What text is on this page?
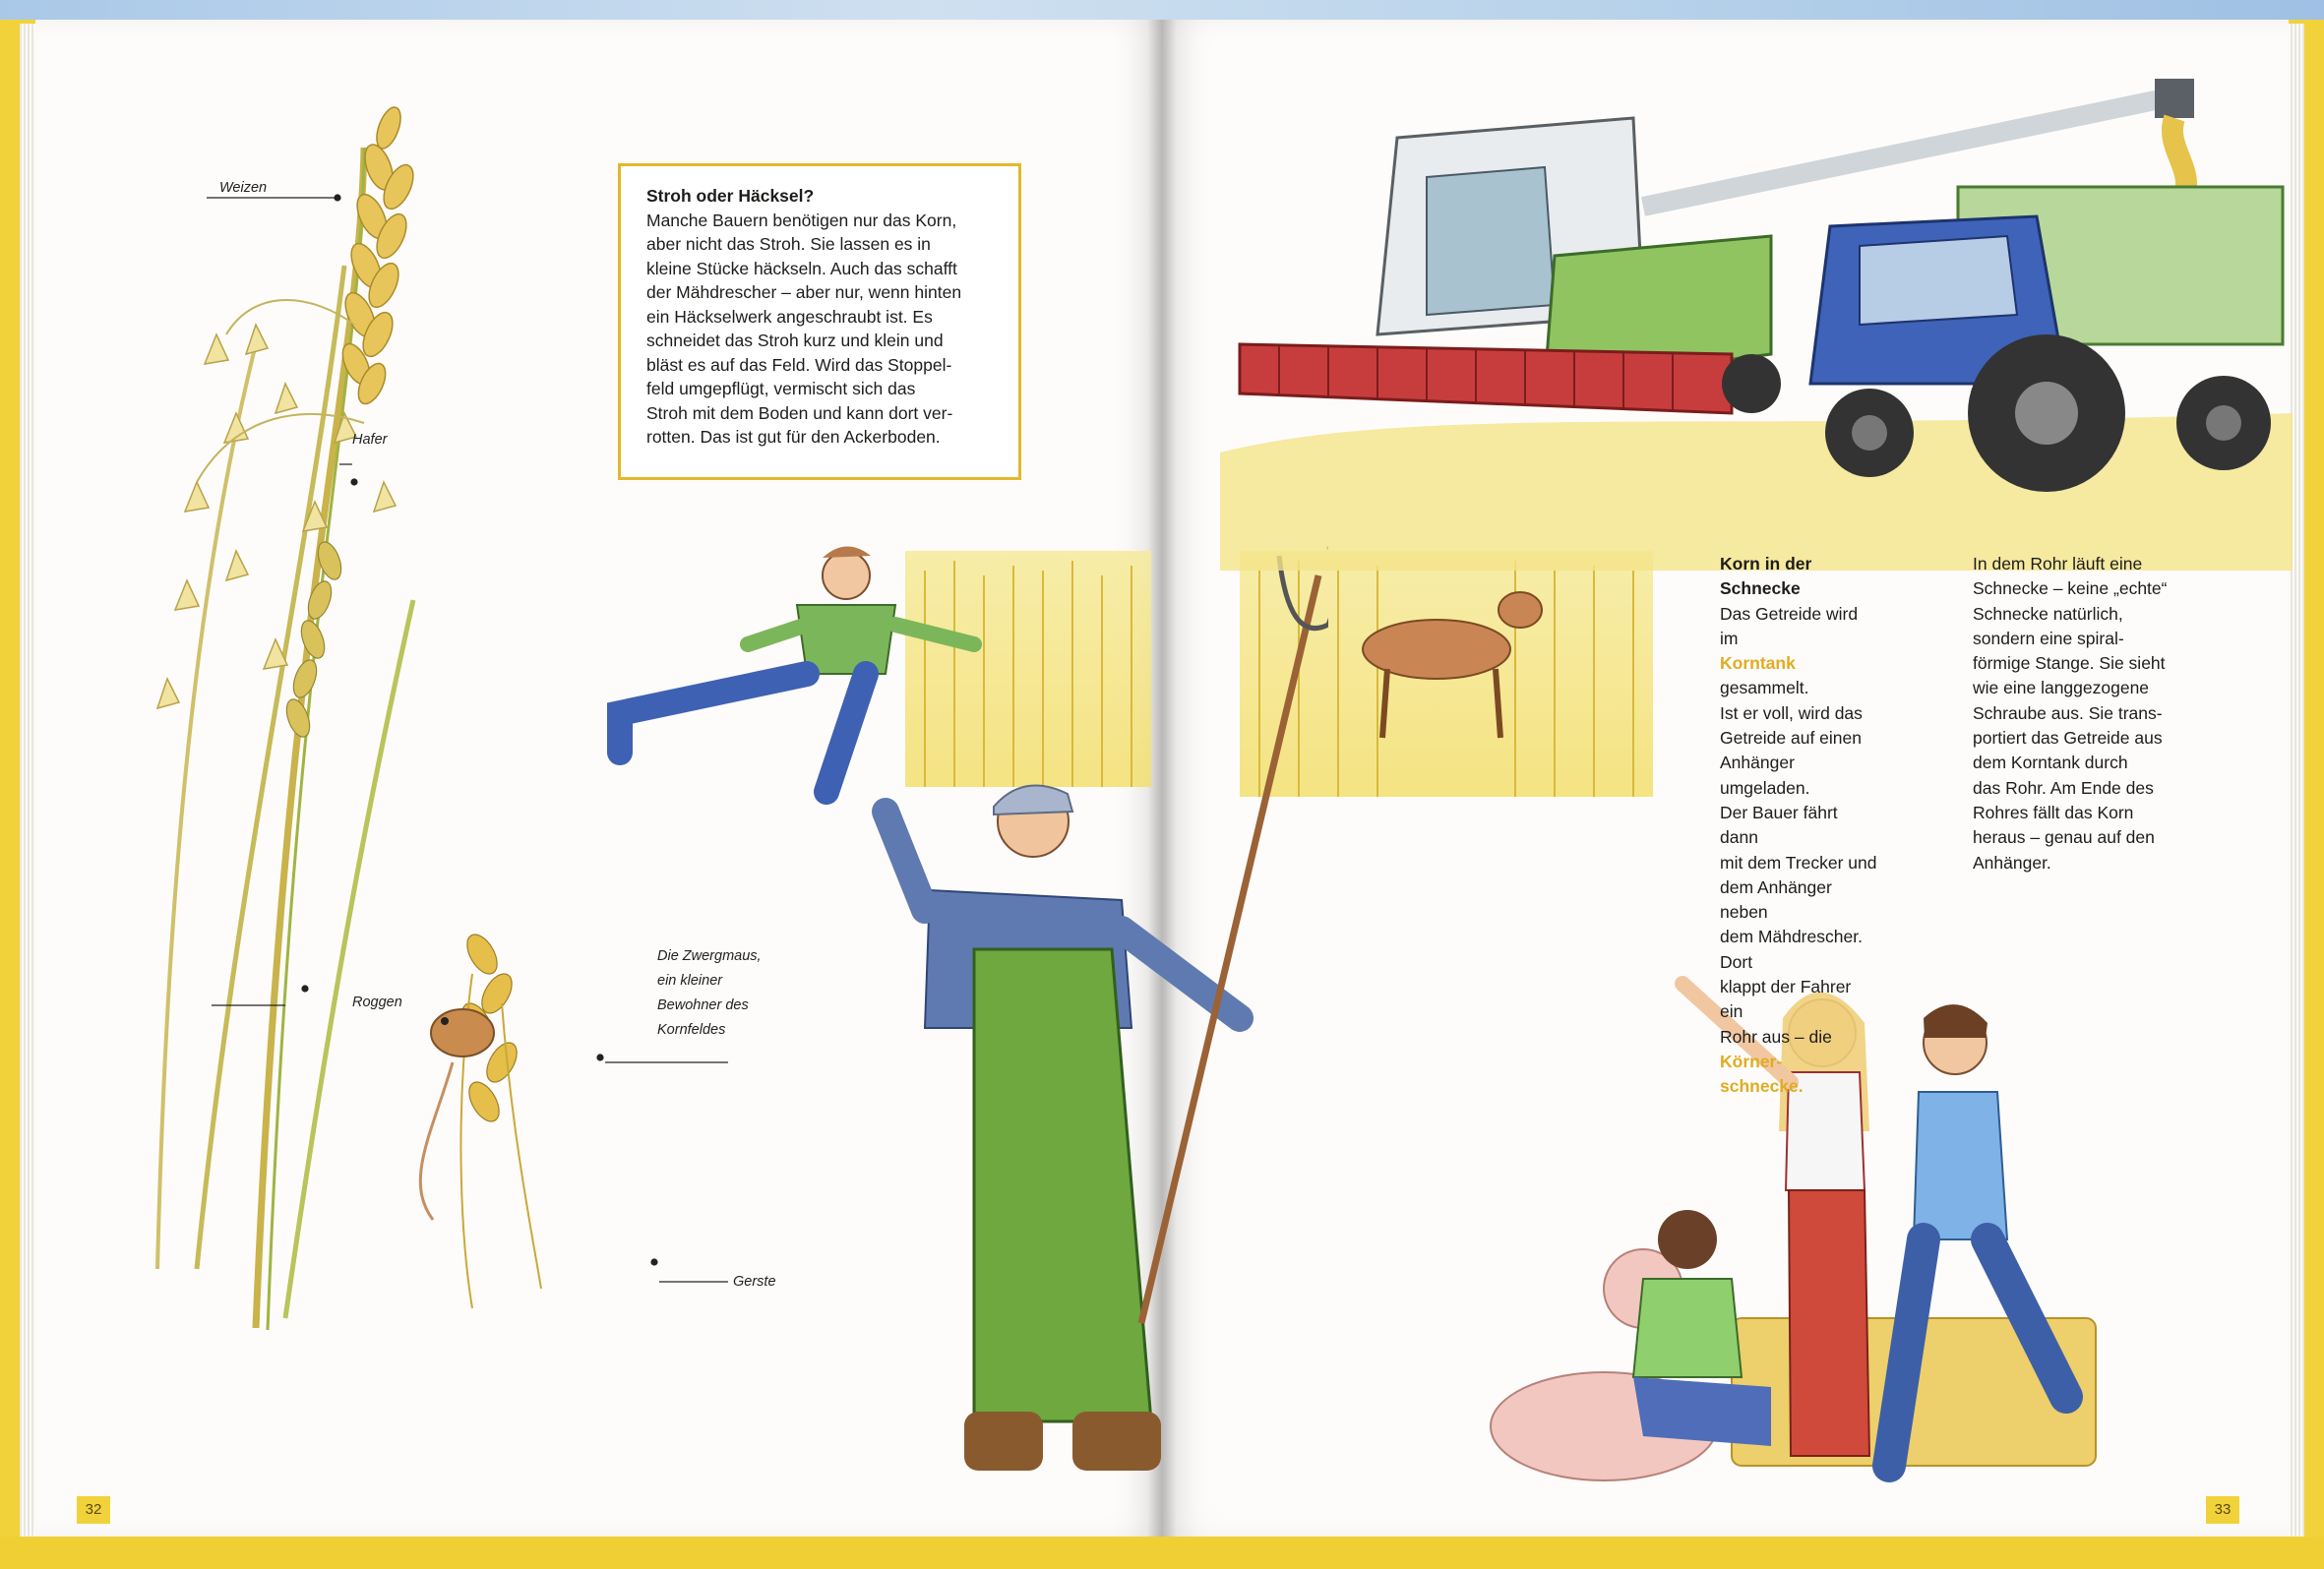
Weizen
Hafer
Roggen
Gerste
Die Zwergmaus,
ein kleiner
Bewohner des
Kornfeldes
Stroh oder Häcksel?
Manche Bauern benötigen nur das Korn,
aber nicht das Stroh. Sie lassen es in
kleine Stücke häckseln. Auch das schafft
der Mähdrescher – aber nur, wenn hinten
ein Häckselwerk angeschraubt ist. Es
schneidet das Stroh kurz und klein und
bläst es auf das Feld. Wird das Stoppel-
feld umgepflügt, vermischt sich das
Stroh mit dem Boden und kann dort ver-
rotten. Das ist gut für den Ackerboden.
Korn in der Schnecke
Das Getreide wird im
Korntank gesammelt.
Ist er voll, wird das
Getreide auf einen
Anhänger umgeladen.
Der Bauer fährt dann
mit dem Trecker und
dem Anhänger neben
dem Mähdrescher. Dort
klappt der Fahrer ein
Rohr aus – die Körner-
schnecke.
In dem Rohr läuft eine
Schnecke – keine „echte“
Schnecke natürlich,
sondern eine spiral-
förmige Stange. Sie sieht
wie eine langgezogene
Schraube aus. Sie trans-
portiert das Getreide aus
dem Korntank durch
das Rohr. Am Ende des
Rohres fällt das Korn
heraus – genau auf den
Anhänger.
32	33
